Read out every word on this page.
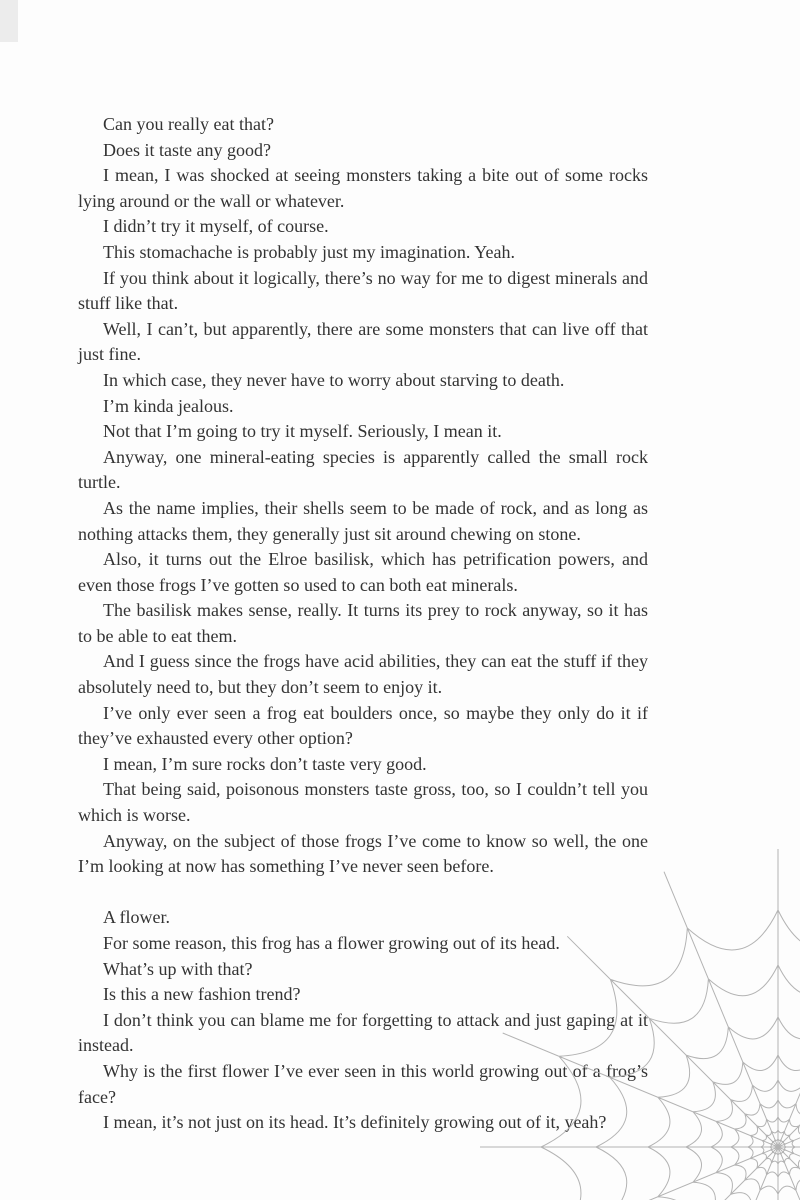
Can you really eat that?

Does it taste any good?

I mean, I was shocked at seeing monsters taking a bite out of some rocks lying around or the wall or whatever.

I didn’t try it myself, of course.

This stomachache is probably just my imagination. Yeah.

If you think about it logically, there’s no way for me to digest minerals and stuff like that.

Well, I can’t, but apparently, there are some monsters that can live off that just fine.

In which case, they never have to worry about starving to death.

I’m kinda jealous.

Not that I’m going to try it myself. Seriously, I mean it.

Anyway, one mineral-eating species is apparently called the small rock turtle.

As the name implies, their shells seem to be made of rock, and as long as nothing attacks them, they generally just sit around chewing on stone.

Also, it turns out the Elroe basilisk, which has petrification powers, and even those frogs I’ve gotten so used to can both eat minerals.

The basilisk makes sense, really. It turns its prey to rock anyway, so it has to be able to eat them.

And I guess since the frogs have acid abilities, they can eat the stuff if they absolutely need to, but they don’t seem to enjoy it.

I’ve only ever seen a frog eat boulders once, so maybe they only do it if they’ve exhausted every other option?

I mean, I’m sure rocks don’t taste very good.

That being said, poisonous monsters taste gross, too, so I couldn’t tell you which is worse.

Anyway, on the subject of those frogs I’ve come to know so well, the one I’m looking at now has something I’ve never seen before.

A flower.

For some reason, this frog has a flower growing out of its head.

What’s up with that?

Is this a new fashion trend?

I don’t think you can blame me for forgetting to attack and just gaping at it instead.

Why is the first flower I’ve ever seen in this world growing out of a frog’s face?

I mean, it’s not just on its head. It’s definitely growing out of it, yeah?
